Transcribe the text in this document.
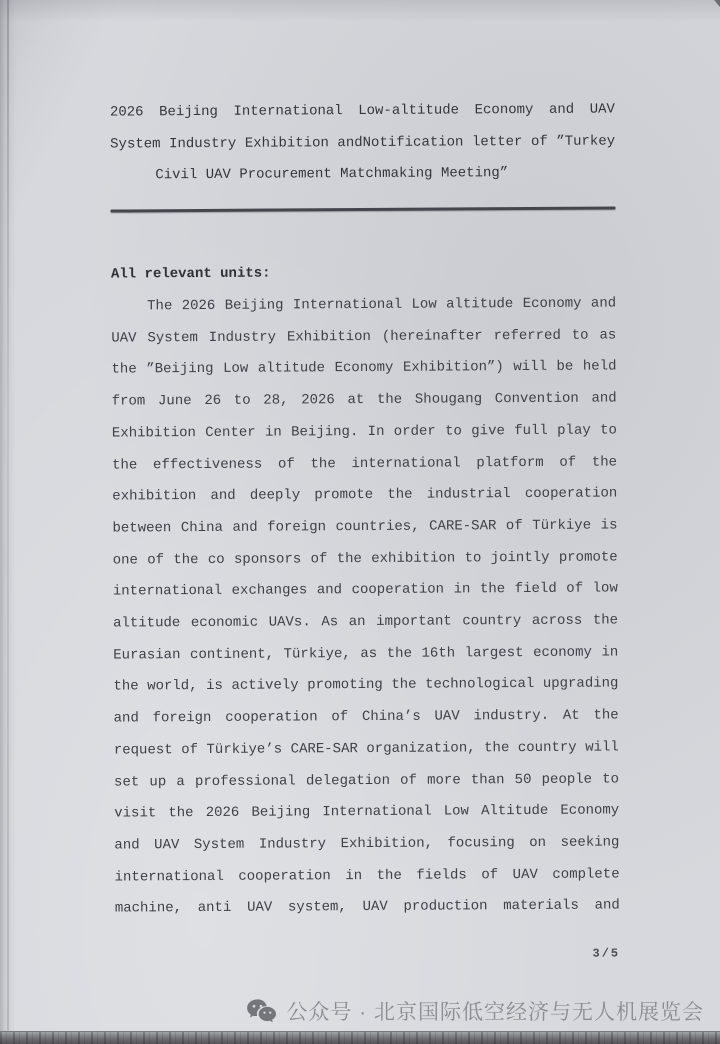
2026 Beijing International Low-altitude Economy and UAV
System Industry Exhibition andNotification letter of ”Turkey
Civil UAV Procurement Matchmaking Meeting”
All relevant units:
The 2026 Beijing International Low altitude Economy and
UAV System Industry Exhibition (hereinafter referred to as
the ”Beijing Low altitude Economy Exhibition”) will be held
from June 26 to 28, 2026 at the Shougang Convention and
Exhibition Center in Beijing. In order to give full play to
the effectiveness of the international platform of the
exhibition and deeply promote the industrial cooperation
between China and foreign countries, CARE-SAR of Türkiye is
one of the co sponsors of the exhibition to jointly promote
international exchanges and cooperation in the field of low
altitude economic UAVs. As an important country across the
Eurasian continent, Türkiye, as the 16th largest economy in
the world, is actively promoting the technological upgrading
and foreign cooperation of China’s UAV industry. At the
request of Türkiye’s CARE-SAR organization, the country will
set up a professional delegation of more than 50 people to
visit the 2026 Beijing International Low Altitude Economy
and UAV System Industry Exhibition, focusing on seeking
international cooperation in the fields of UAV complete
machine, anti UAV system, UAV production materials and
3/5
公众号 · 北京国际低空经济与无人机展览会
